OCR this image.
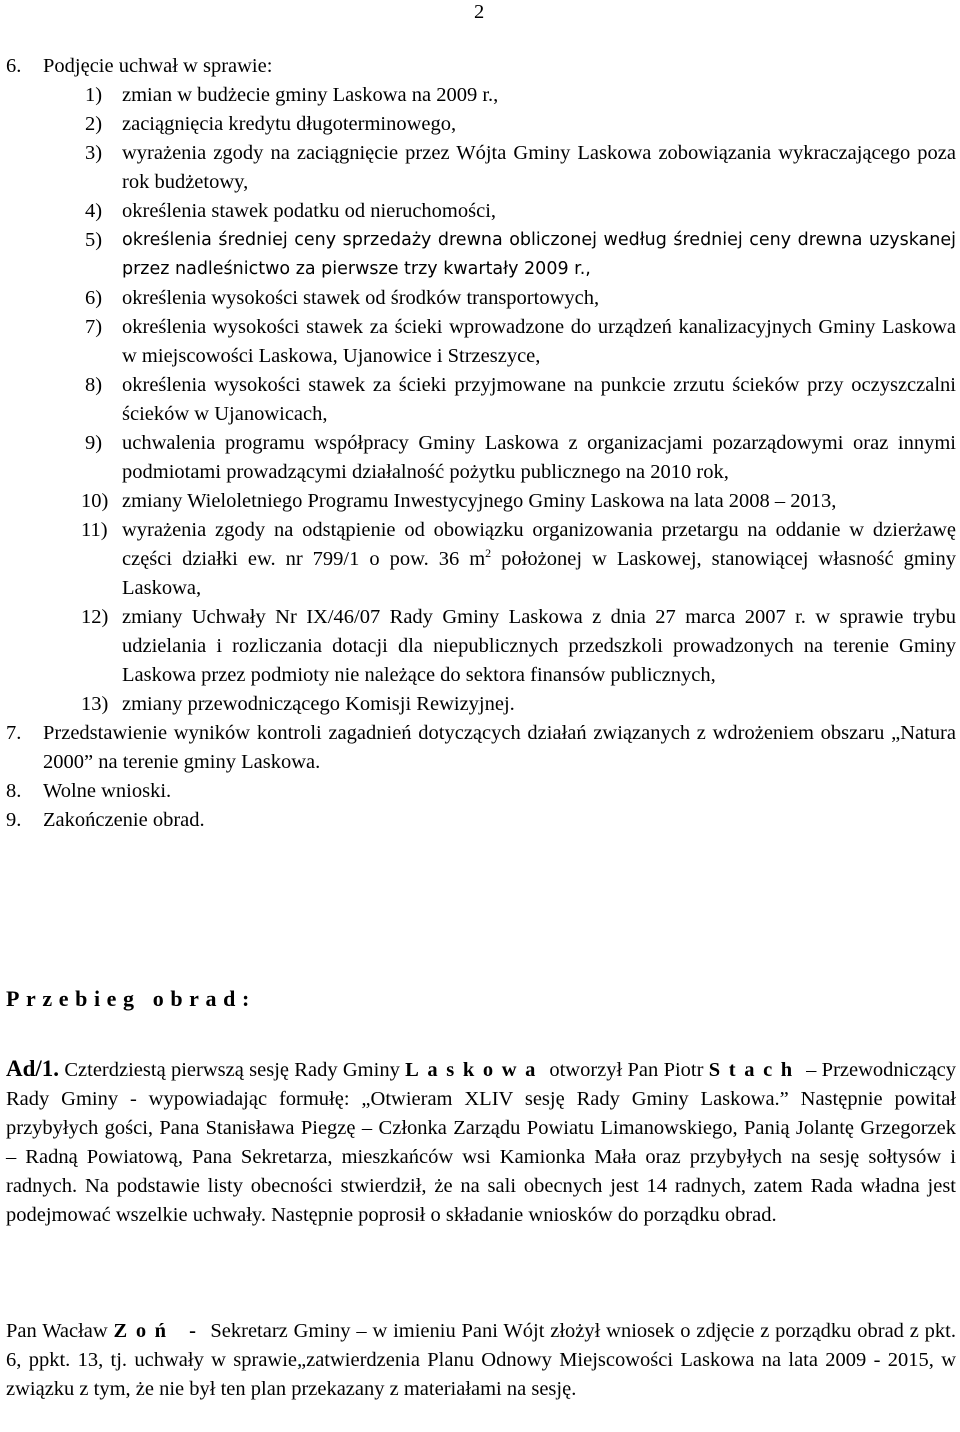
2
6. Podjęcie uchwał w sprawie:
1) zmian w budżecie gminy Laskowa na 2009 r.,
2) zaciągnięcia kredytu długoterminowego,
3) wyrażenia zgody na zaciągnięcie przez Wójta Gminy Laskowa zobowiązania wykraczającego poza rok budżetowy,
4) określenia stawek podatku od nieruchomości,
5) określenia średniej ceny sprzedaży drewna obliczonej według średniej ceny drewna uzyskanej przez nadleśnictwo za pierwsze trzy kwartały 2009 r.,
6) określenia wysokości stawek od środków transportowych,
7) określenia wysokości stawek za ścieki wprowadzone do urządzeń kanalizacyjnych Gminy Laskowa w miejscowości Laskowa, Ujanowice i Strzeszyce,
8) określenia wysokości stawek za ścieki przyjmowane na punkcie zrzutu ścieków przy oczyszczalni ścieków w Ujanowicach,
9) uchwalenia programu współpracy Gminy Laskowa z organizacjami pozarządowymi oraz innymi podmiotami prowadzącymi działalność pożytku publicznego na 2010 rok,
10) zmiany Wieloletniego Programu Inwestycyjnego Gminy Laskowa na lata 2008 – 2013,
11) wyrażenia zgody na odstąpienie od obowiązku organizowania przetargu na oddanie w dzierżawę części działki ew. nr 799/1 o pow. 36 $m^2$ położonej w Laskowej, stanowiącej własność gminy Laskowa,
12) zmiany Uchwały Nr IX/46/07 Rady Gminy Laskowa z dnia 27 marca 2007 r. w sprawie trybu udzielania i rozliczania dotacji dla niepublicznych przedszkoli prowadzonych na terenie Gminy Laskowa przez podmioty nie należące do sektora finansów publicznych,
13) zmiany przewodniczącego Komisji Rewizyjnej.
7. Przedstawienie wyników kontroli zagadnień dotyczących działań związanych z wdrożeniem obszaru „Natura 2000” na terenie gminy Laskowa.
8. Wolne wnioski.
9. Zakończenie obrad.
Przebieg obrad:
Ad/1. Czterdziestą pierwszą sesję Rady Gminy Laskowa otworzył Pan Piotr Stach – Przewodniczący Rady Gminy - wypowiadając formułę: „Otwieram XLIV sesję Rady Gminy Laskowa.” Następnie powitał przybyłych gości, Pana Stanisława Piegzę – Członka Zarządu Powiatu Limanowskiego, Panią Jolantę Grzegorzek – Radną Powiatową, Pana Sekretarza, mieszkańców wsi Kamionka Mała oraz przybyłych na sesję sołtysów i radnych. Na podstawie listy obecności stwierdził, że na sali obecnych jest 14 radnych, zatem Rada władna jest podejmować wszelkie uchwały. Następnie poprosił o składanie wniosków do porządku obrad.
Pan Wacław Zoń - Sekretarz Gminy – w imieniu Pani Wójt złożył wniosek o zdjęcie z porządku obrad z pkt. 6, ppkt. 13, tj. uchwały w sprawie„zatwierdzenia Planu Odnowy Miejscowości Laskowa na lata 2009 - 2015, w związku z tym, że nie był ten plan przekazany z materiałami na sesję.
